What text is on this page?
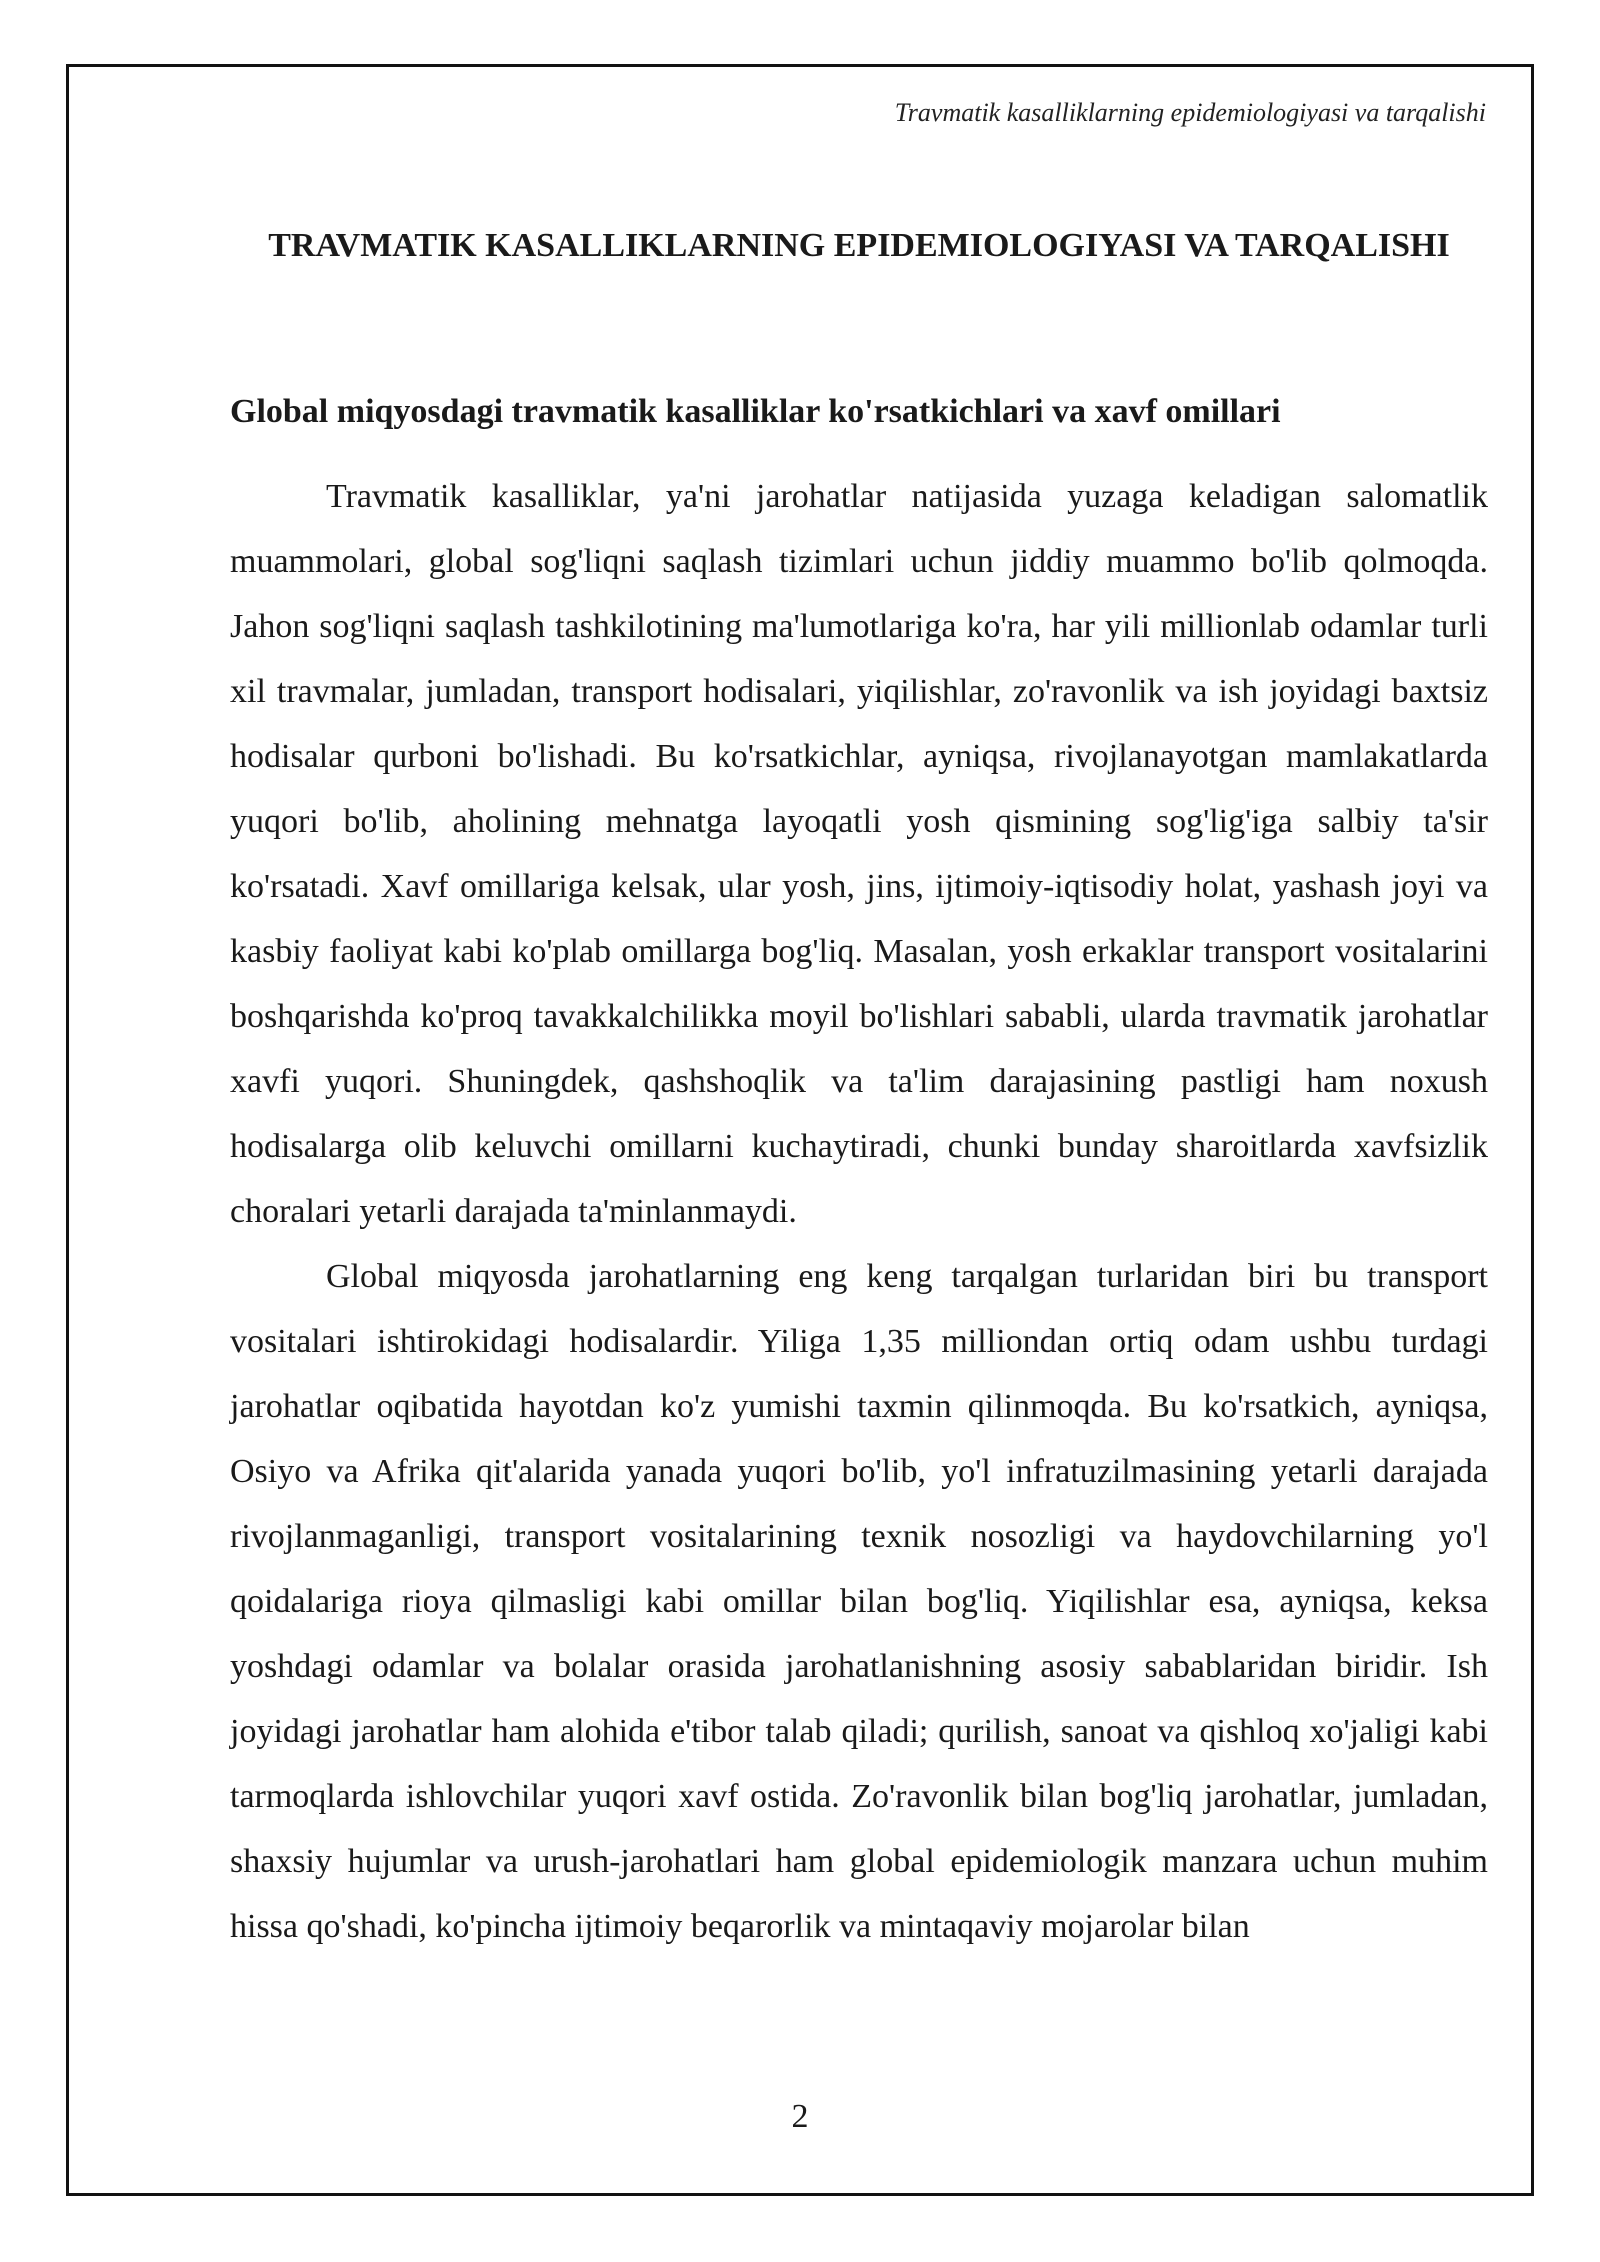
Travmatik kasalliklarning epidemiologiyasi va tarqalishi
TRAVMATIK KASALLIKLARNING EPIDEMIOLOGIYASI VA TARQALISHI
Global miqyosdagi travmatik kasalliklar ko'rsatkichlari va xavf omillari

Travmatik kasalliklar, ya'ni jarohatlar natijasida yuzaga keladigan salomatlik muammolari, global sog'liqni saqlash tizimlari uchun jiddiy muammo bo'lib qolmoqda. Jahon sog'liqni saqlash tashkilotining ma'lumotlariga ko'ra, har yili millionlab odamlar turli xil travmalar, jumladan, transport hodisalari, yiqilishlar, zo'ravonlik va ish joyidagi baxtsiz hodisalar qurboni bo'lishadi. Bu ko'rsatkichlar, ayniqsa, rivojlanayotgan mamlakatlarda yuqori bo'lib, aholining mehnatga layoqatli yosh qismining sog'lig'iga salbiy ta'sir ko'rsatadi. Xavf omillariga kelsak, ular yosh, jins, ijtimoiy-iqtisodiy holat, yashash joyi va kasbiy faoliyat kabi ko'plab omillarga bog'liq. Masalan, yosh erkaklar transport vositalarini boshqarishda ko'proq tavakkalchilikka moyil bo'lishlari sababli, ularda travmatik jarohatlar xavfi yuqori. Shuningdek, qashshoqlik va ta'lim darajasining pastligi ham noxush hodisalarga olib keluvchi omillarni kuchaytiradi, chunki bunday sharoitlarda xavfsizlik choralari yetarli darajada ta'minlanmaydi.

Global miqyosda jarohatlarning eng keng tarqalgan turlaridan biri bu transport vositalari ishtirokidagi hodisalardir. Yiliga 1,35 milliondan ortiq odam ushbu turdagi jarohatlar oqibatida hayotdan ko'z yumishi taxmin qilinmoqda. Bu ko'rsatkich, ayniqsa, Osiyo va Afrika qit'alarida yanada yuqori bo'lib, yo'l infratuzilmasining yetarli darajada rivojlanmaganligi, transport vositalarining texnik nosozligi va haydovchilarning yo'l qoidalariga rioya qilmasligi kabi omillar bilan bog'liq. Yiqilishlar esa, ayniqsa, keksa yoshdagi odamlar va bolalar orasida jarohatlanishning asosiy sabablaridan biridir. Ish joyidagi jarohatlar ham alohida e'tibor talab qiladi; qurilish, sanoat va qishloq xo'jaligi kabi tarmoqlarda ishlovchilar yuqori xavf ostida. Zo'ravonlik bilan bog'liq jarohatlar, jumladan, shaxsiy hujumlar va urush-jarohatlari ham global epidemiologik manzara uchun muhim hissa qo'shadi, ko'pincha ijtimoiy beqarorlik va mintaqaviy mojarolar bilan

2
